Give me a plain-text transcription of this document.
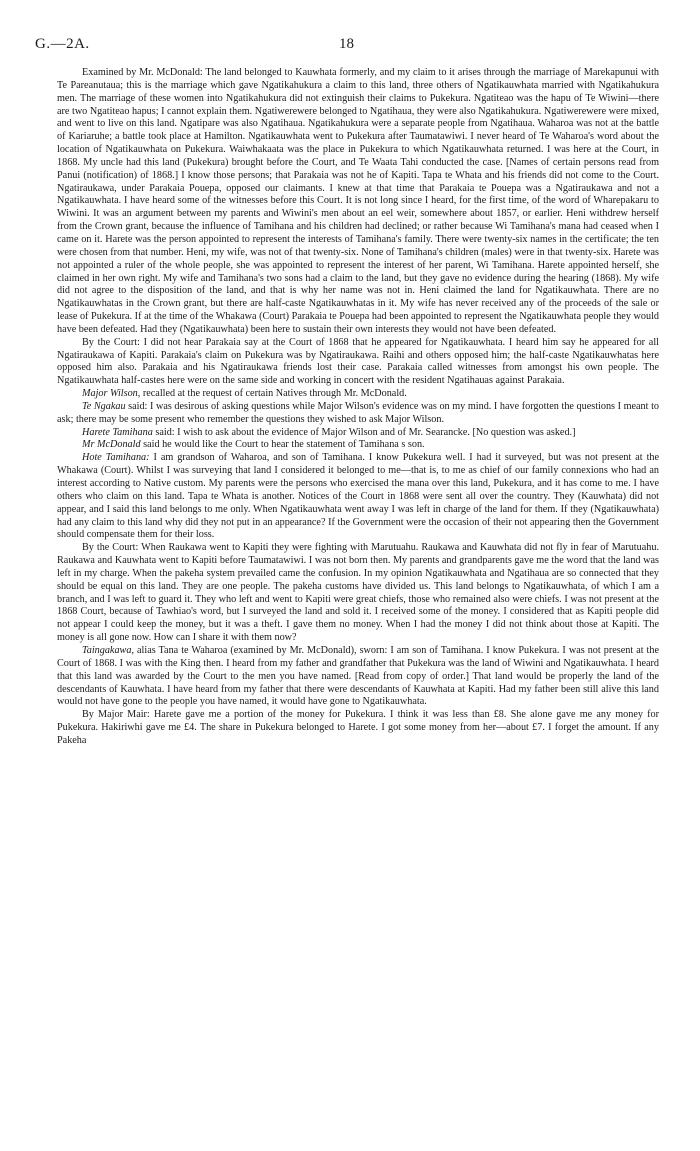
G.—2A.	18

Examined by Mr. McDonald: The land belonged to Kauwhata formerly, and my claim to it arises through the marriage of Marekapunui with Te Pareanutaua; this is the marriage which gave Ngatikahukura a claim to this land, three others of Ngatikauwhata married with Ngatikahukura men. The marriage of these women into Ngatikahukura did not extinguish their claims to Pukekura. Ngatiteao was the hapu of Te Wiwini—there are two Ngatiteao hapus; I cannot explain them. Ngatiwerewere belonged to Ngatihaua, they were also Ngatikahukura. Ngatiwerewere were mixed, and went to live on this land. Ngatipare was also Ngatihaua. Ngatikahukura were a separate people from Ngatihaua. Waharoa was not at the battle of Kariaruhe; a battle took place at Hamilton. Ngatikauwhata went to Pukekura after Taumatawiwi. I never heard of Te Waharoa's word about the location of Ngatikauwhata on Pukekura. Waiwhakaata was the place in Pukekura to which Ngatikauwhata returned. I was here at the Court, in 1868. My uncle had this land (Pukekura) brought before the Court, and Te Waata Tahi conducted the case. [Names of certain persons read from Panui (notification) of 1868.] I know those persons; that Parakaia was not he of Kapiti. Tapa te Whata and his friends did not come to the Court. Ngatiraukawa, under Parakaia Pouepa, opposed our claimants. I knew at that time that Parakaia te Pouepa was a Ngatiraukawa and not a Ngatikauwhata. I have heard some of the witnesses before this Court. It is not long since I heard, for the first time, of the word of Wharepakaru to Wiwini. It was an argument between my parents and Wiwini's men about an eel weir, somewhere about 1857, or earlier. Heni withdrew herself from the Crown grant, because the influence of Tamihana and his children had declined; or rather because Wi Tamihana's mana had ceased when I came on it. Harete was the person appointed to represent the interests of Tamihana's family. There were twenty-six names in the certificate; the ten were chosen from that number. Heni, my wife, was not of that twenty-six. None of Tamihana's children (males) were in that twenty-six. Harete was not appointed a ruler of the whole people, she was appointed to represent the interest of her parent, Wi Tamihana. Harete appointed herself, she claimed in her own right. My wife and Tamihana's two sons had a claim to the land, but they gave no evidence during the hearing (1868). My wife did not agree to the disposition of the land, and that is why her name was not in. Heni claimed the land for Ngatikauwhata. There are no Ngatikauwhatas in the Crown grant, but there are half-caste Ngatikauwhatas in it. My wife has never received any of the proceeds of the sale or lease of Pukekura. If at the time of the Whakawa (Court) Parakaia te Pouepa had been appointed to represent the Ngatikauwhata people they would have been defeated. Had they (Ngatikauwhata) been here to sustain their own interests they would not have been defeated.

By the Court: I did not hear Parakaia say at the Court of 1868 that he appeared for Ngatikauwhata. I heard him say he appeared for all Ngatiraukawa of Kapiti. Parakaia's claim on Pukekura was by Ngatiraukawa. Raihi and others opposed him; the half-caste Ngatikauwhatas here opposed him also. Parakaia and his Ngatiraukawa friends lost their case. Parakaia called witnesses from amongst his own people. The Ngatikauwhata half-castes here were on the same side and working in concert with the resident Ngatihauas against Parakaia.

Major Wilson, recalled at the request of certain Natives through Mr. McDonald.

Te Ngakau said: I was desirous of asking questions while Major Wilson's evidence was on my mind. I have forgotten the questions I meant to ask; there may be some present who remember the questions they wished to ask Major Wilson.

Harete Tamihana said: I wish to ask about the evidence of Major Wilson and of Mr. Searancke. [No question was asked.]

Mr McDonald said he would like the Court to hear the statement of Tamihana s son.

Hote Tamihana: I am grandson of Waharoa, and son of Tamihana. I know Pukekura well. I had it surveyed, but was not present at the Whakawa (Court). Whilst I was surveying that land I considered it belonged to me—that is, to me as chief of our family connexions who had an interest according to Native custom. My parents were the persons who exercised the mana over this land, Pukekura, and it has come to me. I have others who claim on this land. Tapa te Whata is another. Notices of the Court in 1868 were sent all over the country. They (Kauwhata) did not appear, and I said this land belongs to me only. When Ngatikauwhata went away I was left in charge of the land for them. If they (Ngatikauwhata) had any claim to this land why did they not put in an appearance? If the Government were the occasion of their not appearing then the Government should compensate them for their loss.

By the Court: When Raukawa went to Kapiti they were fighting with Marutuahu. Raukawa and Kauwhata did not fly in fear of Marutuahu. Raukawa and Kauwhata went to Kapiti before Taumatawiwi. I was not born then. My parents and grandparents gave me the word that the land was left in my charge. When the pakeha system prevailed came the confusion. In my opinion Ngatikauwhata and Ngatihaua are so connected that they should be equal on this land. They are one people. The pakeha customs have divided us. This land belongs to Ngatikauwhata, of which I am a branch, and I was left to guard it. They who left and went to Kapiti were great chiefs, those who remained also were chiefs. I was not present at the 1868 Court, because of Tawhiao's word, but I surveyed the land and sold it. I received some of the money. I considered that as Kapiti people did not appear I could keep the money, but it was a theft. I gave them no money. When I had the money I did not think about those at Kapiti. The money is all gone now. How can I share it with them now?

Taingakawa, alias Tana te Waharoa (examined by Mr. McDonald), sworn: I am son of Tamihana. I know Pukekura. I was not present at the Court of 1868. I was with the King then. I heard from my father and grandfather that Pukekura was the land of Wiwini and Ngatikauwhata. I heard that this land was awarded by the Court to the men you have named. [Read from copy of order.] That land would be properly the land of the descendants of Kauwhata. I have heard from my father that there were descendants of Kauwhata at Kapiti. Had my father been still alive this land would not have gone to the people you have named, it would have gone to Ngatikauwhata.

By Major Mair: Harete gave me a portion of the money for Pukekura. I think it was less than £8. She alone gave me any money for Pukekura. Hakiriwhi gave me £4. The share in Pukekura belonged to Harete. I got some money from her—about £7. I forget the amount. If any Pakeha
